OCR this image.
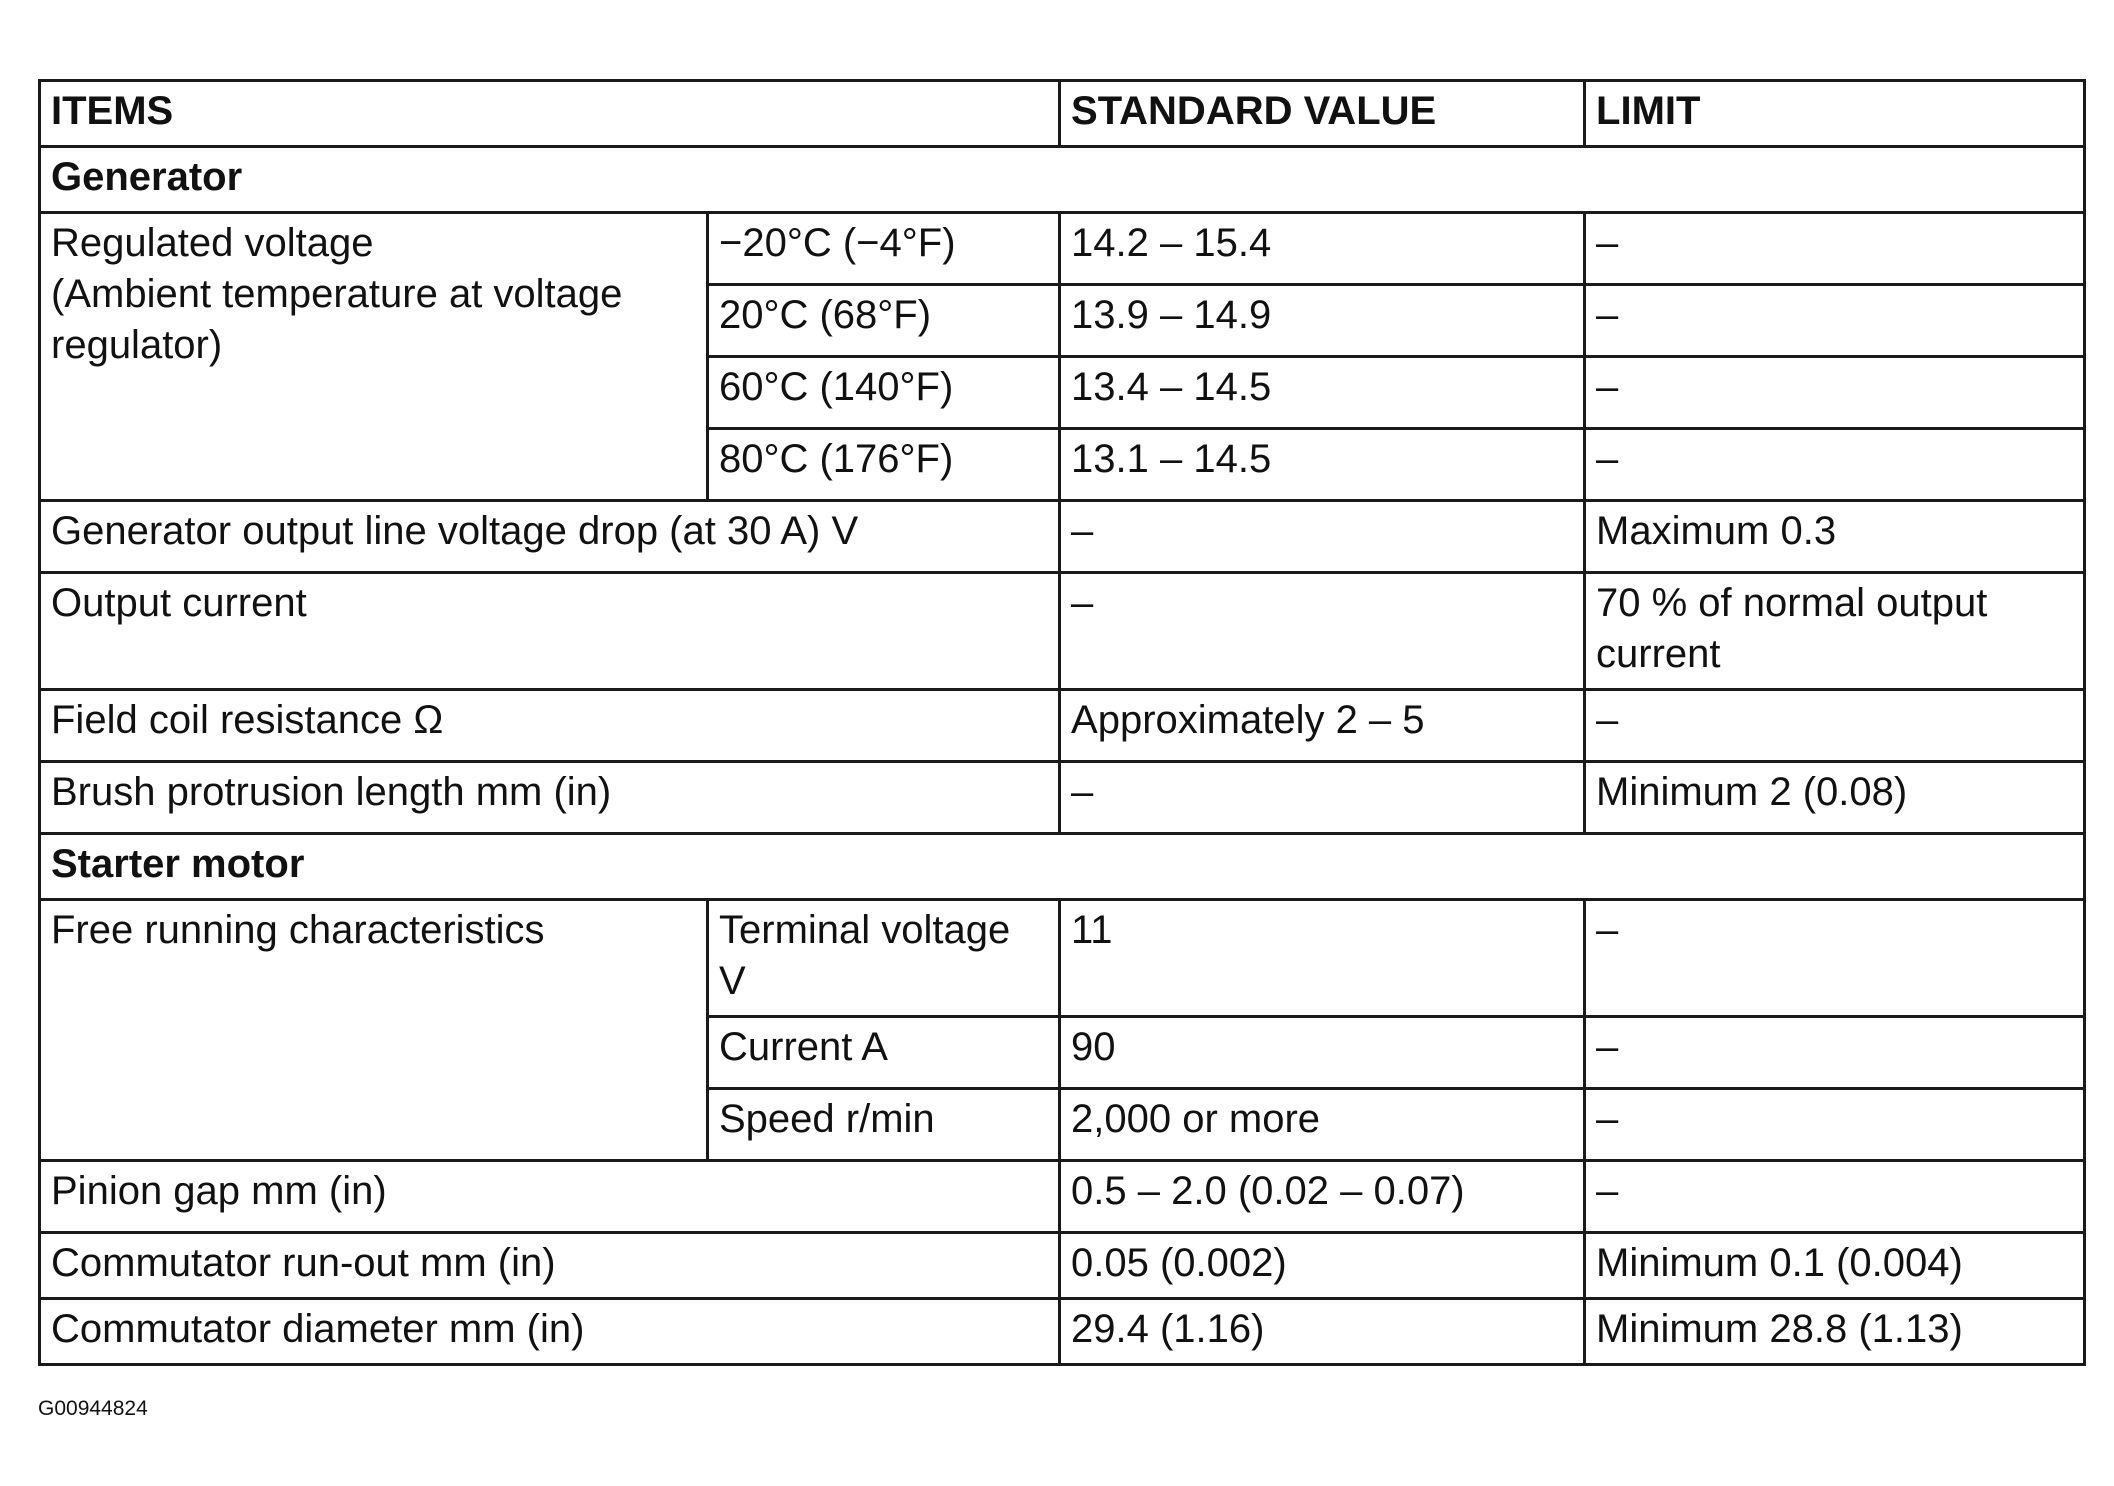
ITEMS		STANDARD VALUE	LIMIT
Generator			
Regulated voltage
(Ambient temperature at voltage
regulator)	−20°C (−4°F)	14.2 – 15.4	–
	20°C (68°F)	13.9 – 14.9	–
	60°C (140°F)	13.4 – 14.5	–
	80°C (176°F)	13.1 – 14.5	–
Generator output line voltage drop (at 30 A) V		–	Maximum 0.3
Output current		–	70 % of normal output current
Field coil resistance Ω		Approximately 2 – 5	–
Brush protrusion length mm (in)		–	Minimum 2 (0.08)
Starter motor			
Free running characteristics	Terminal voltage V	11	–
	Current A	90	–
	Speed r/min	2,000 or more	–
Pinion gap mm (in)		0.5 – 2.0 (0.02 – 0.07)	–
Commutator run-out mm (in)		0.05 (0.002)	Minimum 0.1 (0.004)
Commutator diameter mm (in)		29.4 (1.16)	Minimum 28.8 (1.13)
G00944824
